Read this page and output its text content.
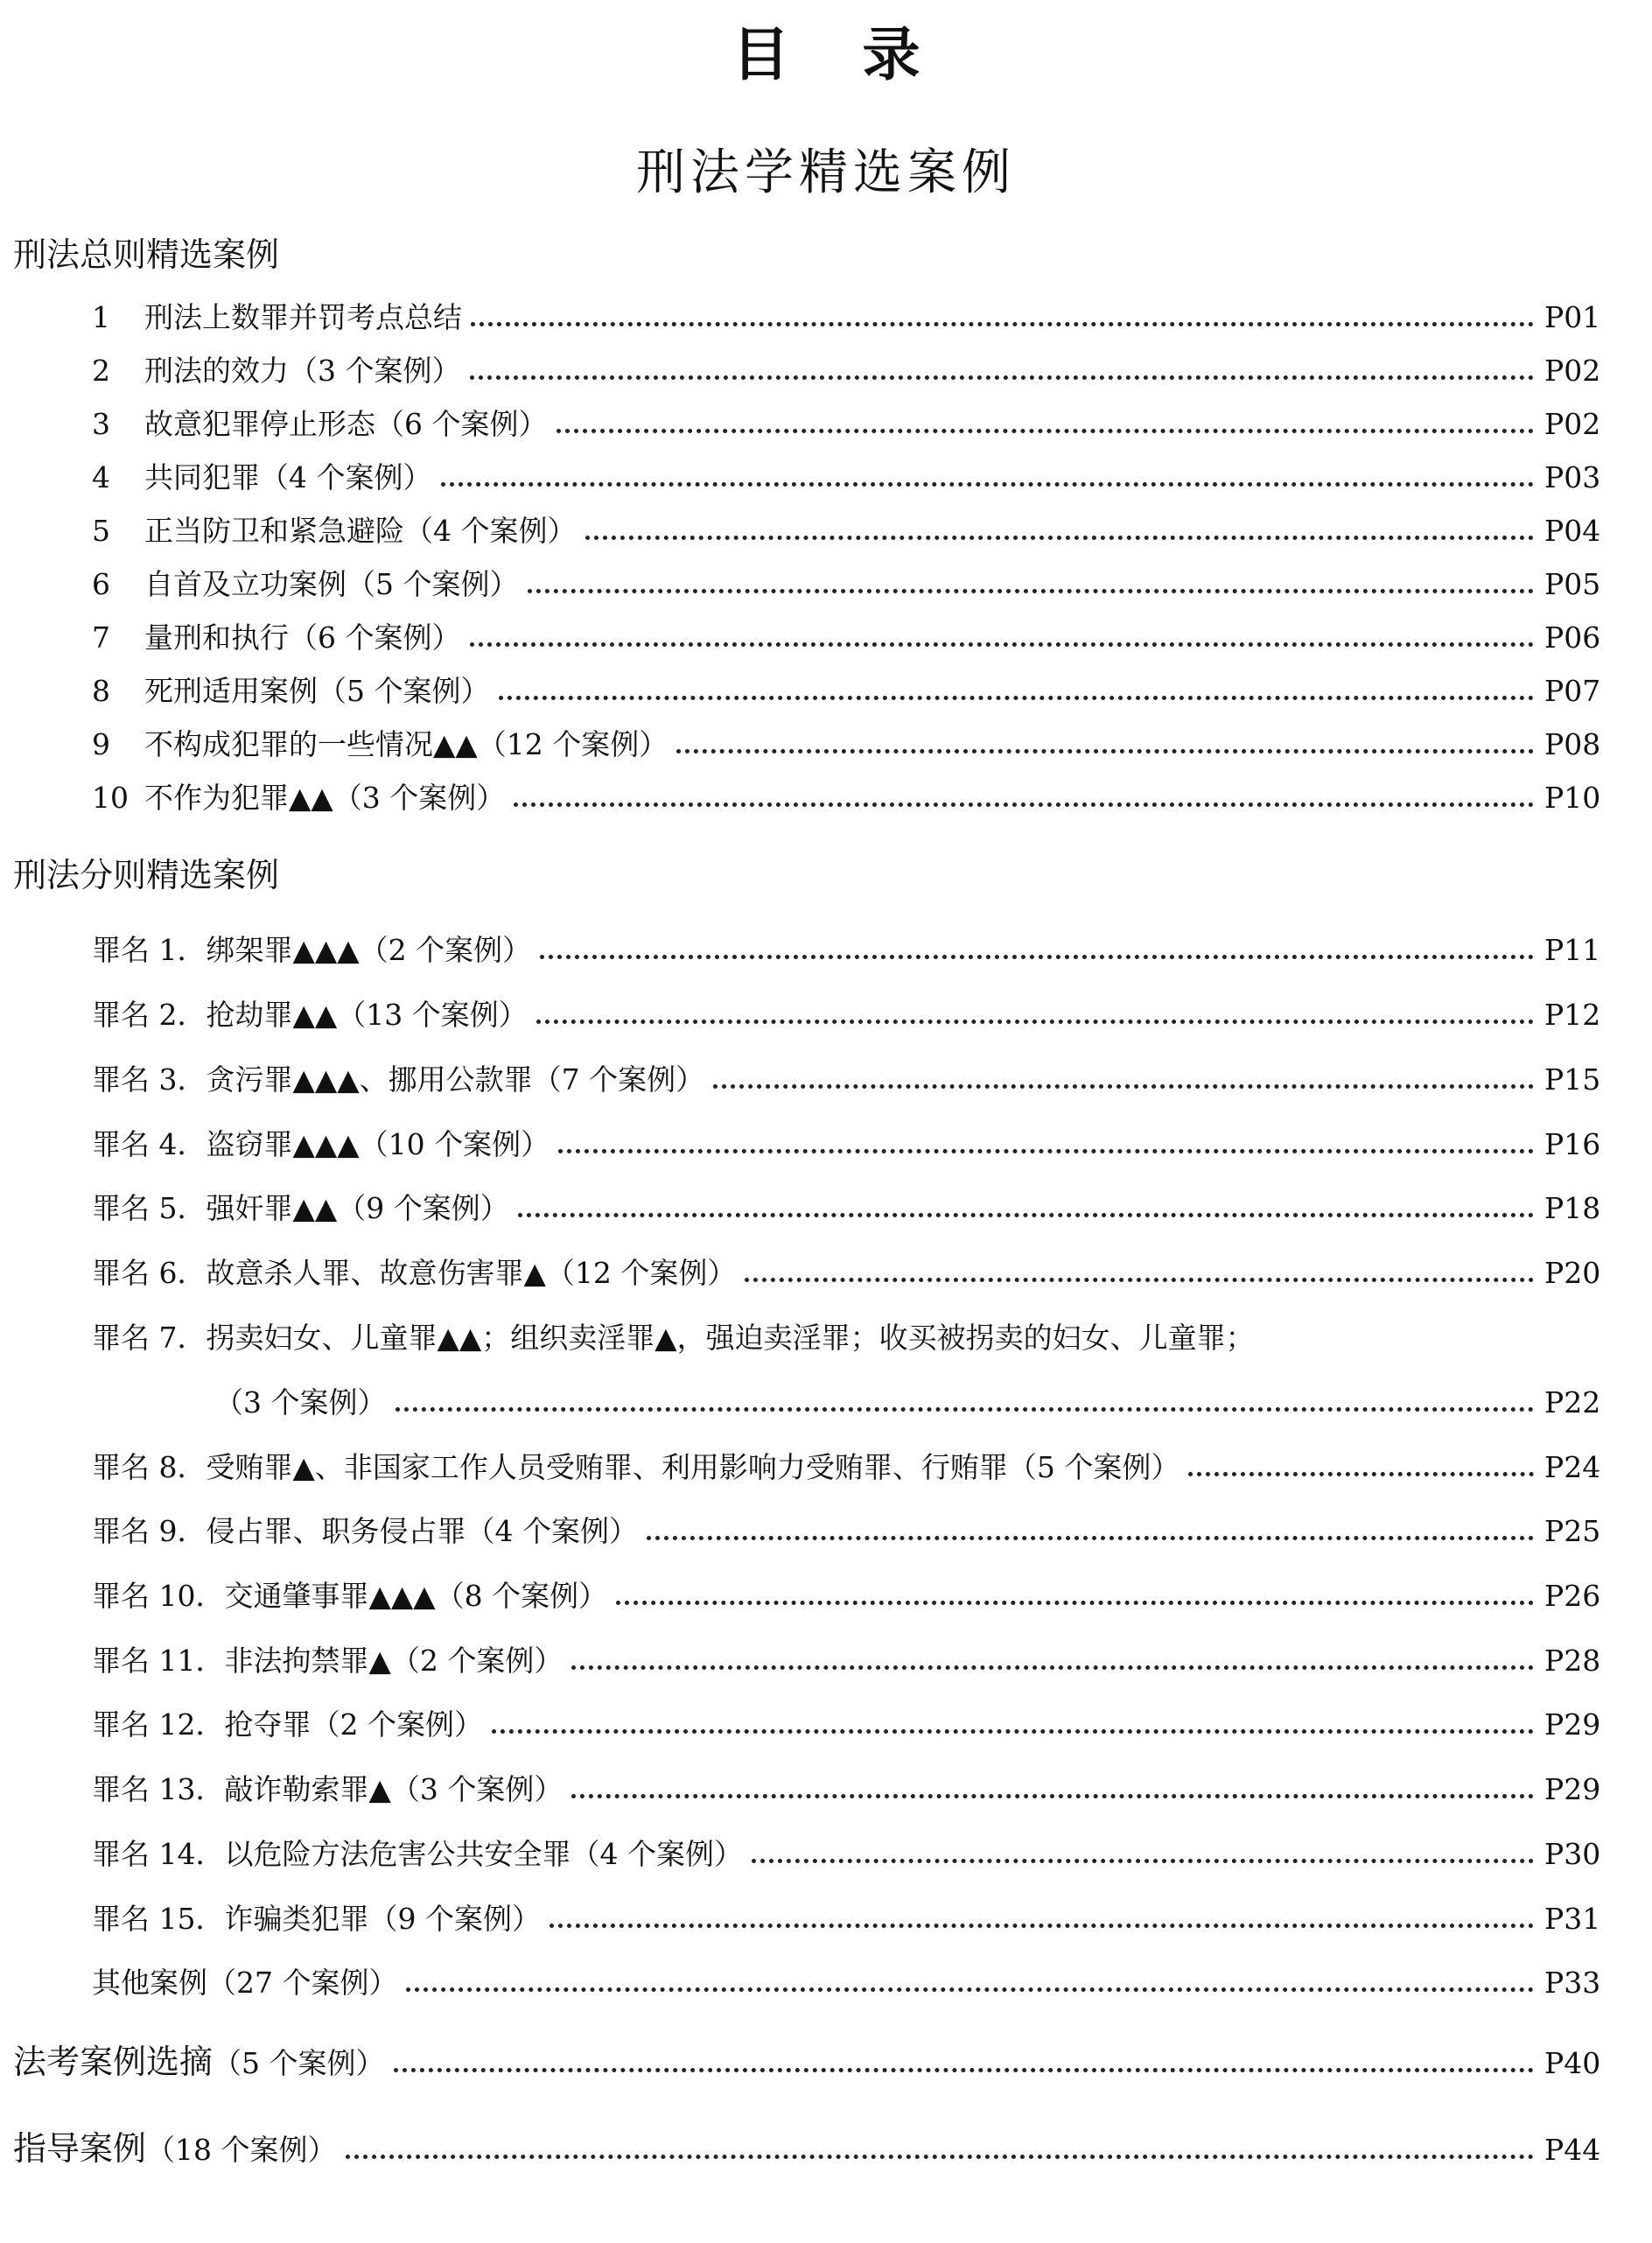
目 录
刑法学精选案例
刑法总则精选案例
1	刑法上数罪并罚考点总结	P01
2	刑法的效力（3 个案例）	P02
3	故意犯罪停止形态（6 个案例）	P02
4	共同犯罪（4 个案例）	P03
5	正当防卫和紧急避险（4 个案例）	P04
6	自首及立功案例（5 个案例）	P05
7	量刑和执行（6 个案例）	P06
8	死刑适用案例（5 个案例）	P07
9	不构成犯罪的一些情况▲▲（12 个案例）	P08
10 不作为犯罪▲▲（3 个案例）	P10
刑法分则精选案例
罪名 1．绑架罪▲▲▲（2 个案例）	P11
罪名 2．抢劫罪▲▲（13 个案例）	P12
罪名 3．贪污罪▲▲▲、挪用公款罪（7 个案例）	P15
罪名 4．盗窃罪▲▲▲（10 个案例）	P16
罪名 5．强奸罪▲▲（9 个案例）	P18
罪名 6．故意杀人罪、故意伤害罪▲（12 个案例）	P20
罪名 7．拐卖妇女、儿童罪▲▲；组织卖淫罪▲，强迫卖淫罪；收买被拐卖的妇女、儿童罪；
（3 个案例）	P22
罪名 8．受贿罪▲、非国家工作人员受贿罪、利用影响力受贿罪、行贿罪（5 个案例）	P24
罪名 9．侵占罪、职务侵占罪（4 个案例）	P25
罪名 10．交通肇事罪▲▲▲（8 个案例）	P26
罪名 11．非法拘禁罪▲（2 个案例）	P28
罪名 12．抢夺罪（2 个案例）	P29
罪名 13．敲诈勒索罪▲（3 个案例）	P29
罪名 14．以危险方法危害公共安全罪（4 个案例）	P30
罪名 15．诈骗类犯罪（9 个案例）	P31
其他案例（27 个案例）	P33
法考案例选摘（5 个案例）	P40
指导案例（18 个案例）	P44
